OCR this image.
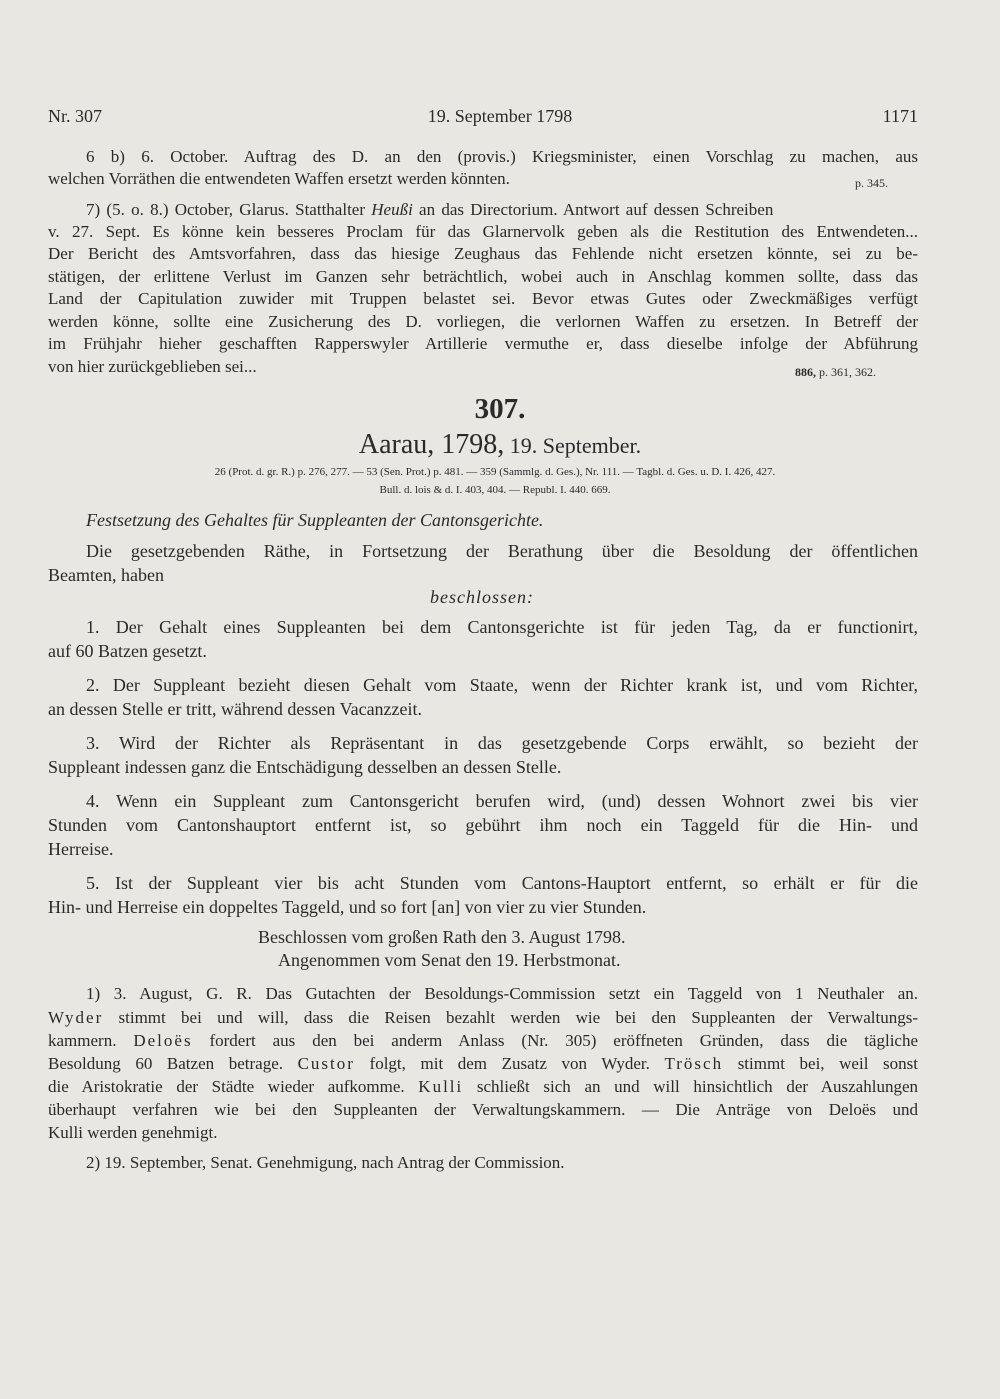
Nr. 307	19. September 1798	1171
6 b) 6. October. Auftrag des D. an den (provis.) Kriegsminister, einen Vorschlag zu machen, aus
welchen Vorräthen die entwendeten Waffen ersetzt werden könnten.	p. 345.
7) (5. o. 8.) October, Glarus. Statthalter Heußi an das Directorium. Antwort auf dessen Schreiben
v. 27. Sept. Es könne kein besseres Proclam für das Glarnervolk geben als die Restitution des Entwendeten...
Der Bericht des Amtsvorfahren, dass das hiesige Zeughaus das Fehlende nicht ersetzen könnte, sei zu be-
stätigen, der erlittene Verlust im Ganzen sehr beträchtlich, wobei auch in Anschlag kommen sollte, dass das
Land der Capitulation zuwider mit Truppen belastet sei. Bevor etwas Gutes oder Zweckmäßiges verfügt
werden könne, sollte eine Zusicherung des D. vorliegen, die verlornen Waffen zu ersetzen. In Betreff der
im Frühjahr hieher geschafften Rapperswyler Artillerie vermuthe er, dass dieselbe infolge der Abführung
von hier zurückgeblieben sei...	886, p. 361, 362.
307.
Aarau, 1798, 19. September.
26 (Prot. d. gr. R.) p. 276, 277. — 53 (Sen. Prot.) p. 481. — 359 (Sammlg. d. Ges.), Nr. 111. — Tagbl. d. Ges. u. D. I. 426, 427.
Bull. d. lois & d. I. 403, 404. — Republ. I. 440. 669.
Festsetzung des Gehaltes für Suppleanten der Cantonsgerichte.
Die gesetzgebenden Räthe, in Fortsetzung der Berathung über die Besoldung der öffentlichen
Beamten, haben
beschlossen:
1. Der Gehalt eines Suppleanten bei dem Cantonsgerichte ist für jeden Tag, da er functionirt,
auf 60 Batzen gesetzt.
2. Der Suppleant bezieht diesen Gehalt vom Staate, wenn der Richter krank ist, und vom Richter,
an dessen Stelle er tritt, während dessen Vacanzzeit.
3. Wird der Richter als Repräsentant in das gesetzgebende Corps erwählt, so bezieht der
Suppleant indessen ganz die Entschädigung desselben an dessen Stelle.
4. Wenn ein Suppleant zum Cantonsgericht berufen wird, (und) dessen Wohnort zwei bis vier
Stunden vom Cantonshauptort entfernt ist, so gebührt ihm noch ein Taggeld für die Hin- und
Herreise.
5. Ist der Suppleant vier bis acht Stunden vom Cantons-Hauptort entfernt, so erhält er für die
Hin- und Herreise ein doppeltes Taggeld, und so fort [an] von vier zu vier Stunden.
Beschlossen vom großen Rath den 3. August 1798.
Angenommen vom Senat den 19. Herbstmonat.
1) 3. August, G. R. Das Gutachten der Besoldungs-Commission setzt ein Taggeld von 1 Neuthaler an.
Wyder stimmt bei und will, dass die Reisen bezahlt werden wie bei den Suppleanten der Verwaltungs-
kammern. Deloës fordert aus den bei anderm Anlass (Nr. 305) eröffneten Gründen, dass die tägliche
Besoldung 60 Batzen betrage. Custor folgt, mit dem Zusatz von Wyder. Trösch stimmt bei, weil sonst
die Aristokratie der Städte wieder aufkomme. Kulli schließt sich an und will hinsichtlich der Auszahlungen
überhaupt verfahren wie bei den Suppleanten der Verwaltungskammern. — Die Anträge von Deloës und
Kulli werden genehmigt.
2) 19. September, Senat. Genehmigung, nach Antrag der Commission.
